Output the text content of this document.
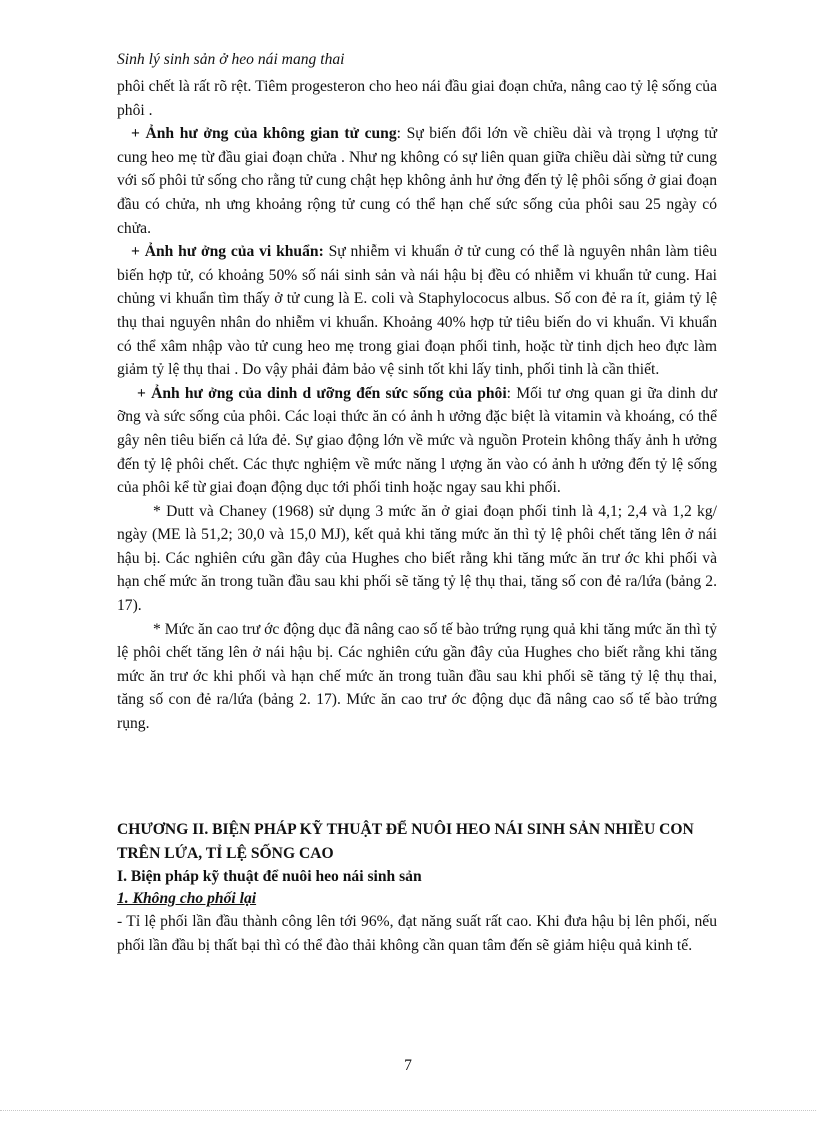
Sinh lý sinh sản ở heo nái mang thai

phôi chết là rất rõ rệt. Tiêm progesteron cho heo nái đầu giai đoạn chửa, nâng cao tỷ lệ sống của phôi .

+ Ảnh hư ởng của không gian tử cung: Sự biến đổi lớn về chiều dài và trọng l ượng tử cung heo mẹ từ đầu giai đoạn chửa . Như ng không có sự liên quan giữa chiều dài sừng tử cung với số phôi tử sống cho rằng tử cung chật hẹp không ảnh hư ởng đến tỷ lệ phôi sống ở giai đoạn đầu có chửa, nh ưng khoảng rộng tử cung có thể hạn chế sức sống của phôi sau 25 ngày có chửa.

+ Ảnh hư ởng của vi khuẩn: Sự nhiễm vi khuẩn ở tử cung có thể là nguyên nhân làm tiêu biến hợp tử, có khoảng 50% số nái sinh sản và nái hậu bị đều có nhiễm vi khuẩn tử cung. Hai chủng vi khuẩn tìm thấy ở tử cung là E. coli và Staphylococus albus. Số con đẻ ra ít, giảm tỷ lệ thụ thai nguyên nhân do nhiễm vi khuẩn. Khoảng 40% hợp tử tiêu biến do vi khuẩn. Vi khuẩn có thể xâm nhập vào tử cung heo mẹ trong giai đoạn phối tinh, hoặc từ tinh dịch heo đực làm giảm tỷ lệ thụ thai . Do vậy phải đảm bảo vệ sinh tốt khi lấy tinh, phối tinh là cần thiết.

+ Ảnh hư ởng của dinh d ưỡng đến sức sống của phôi: Mối tư ơng quan gi ữa dinh dư ỡng và sức sống của phôi. Các loại thức ăn có ảnh h ưởng đặc biệt là vitamin và khoáng, có thể gây nên tiêu biến cả lứa đẻ. Sự giao động lớn về mức và nguồn Protein không thấy ảnh h ưởng đến tỷ lệ phôi chết. Các thực nghiệm về mức năng l ượng ăn vào có ảnh h ưởng đến tỷ lệ sống của phôi kể từ giai đoạn động dục tới phối tinh hoặc ngay sau khi phối.

* Dutt và Chaney (1968) sử dụng 3 mức ăn ở giai đoạn phối tinh là 4,1; 2,4 và 1,2 kg/ ngày (ME là 51,2; 30,0 và 15,0 MJ), kết quả khi tăng mức ăn thì tỷ lệ phôi chết tăng lên ở nái hậu bị. Các nghiên cứu gần đây của Hughes cho biết rằng khi tăng mức ăn trư ớc khi phối và hạn chế mức ăn trong tuần đầu sau khi phối sẽ tăng tỷ lệ thụ thai, tăng số con đẻ ra/lứa (bảng 2. 17).

* Mức ăn cao trư ớc động dục đã nâng cao số tế bào trứng rụng quả khi tăng mức ăn thì tỷ lệ phôi chết tăng lên ở nái hậu bị. Các nghiên cứu gần đây của Hughes cho biết rằng khi tăng mức ăn trư ớc khi phối và hạn chế mức ăn trong tuần đầu sau khi phối sẽ tăng tỷ lệ thụ thai, tăng số con đẻ ra/lứa (bảng 2. 17). Mức ăn cao trư ớc động dục đã nâng cao số tế bào trứng rụng.

CHƯƠNG II. BIỆN PHÁP KỸ THUẬT ĐỂ NUÔI HEO NÁI SINH SẢN NHIỀU CON TRÊN LỨA, TỈ LỆ SỐNG CAO

I. Biện pháp kỹ thuật để nuôi heo nái sinh sản

1. Không cho phối lại

- Tỉ lệ phối lần đầu thành công lên tới 96%, đạt năng suất rất cao. Khi đưa hậu bị lên phối, nếu phối lần đầu bị thất bại thì có thể đào thải không cần quan tâm đến sẽ giảm hiệu quả kinh tế.

7
